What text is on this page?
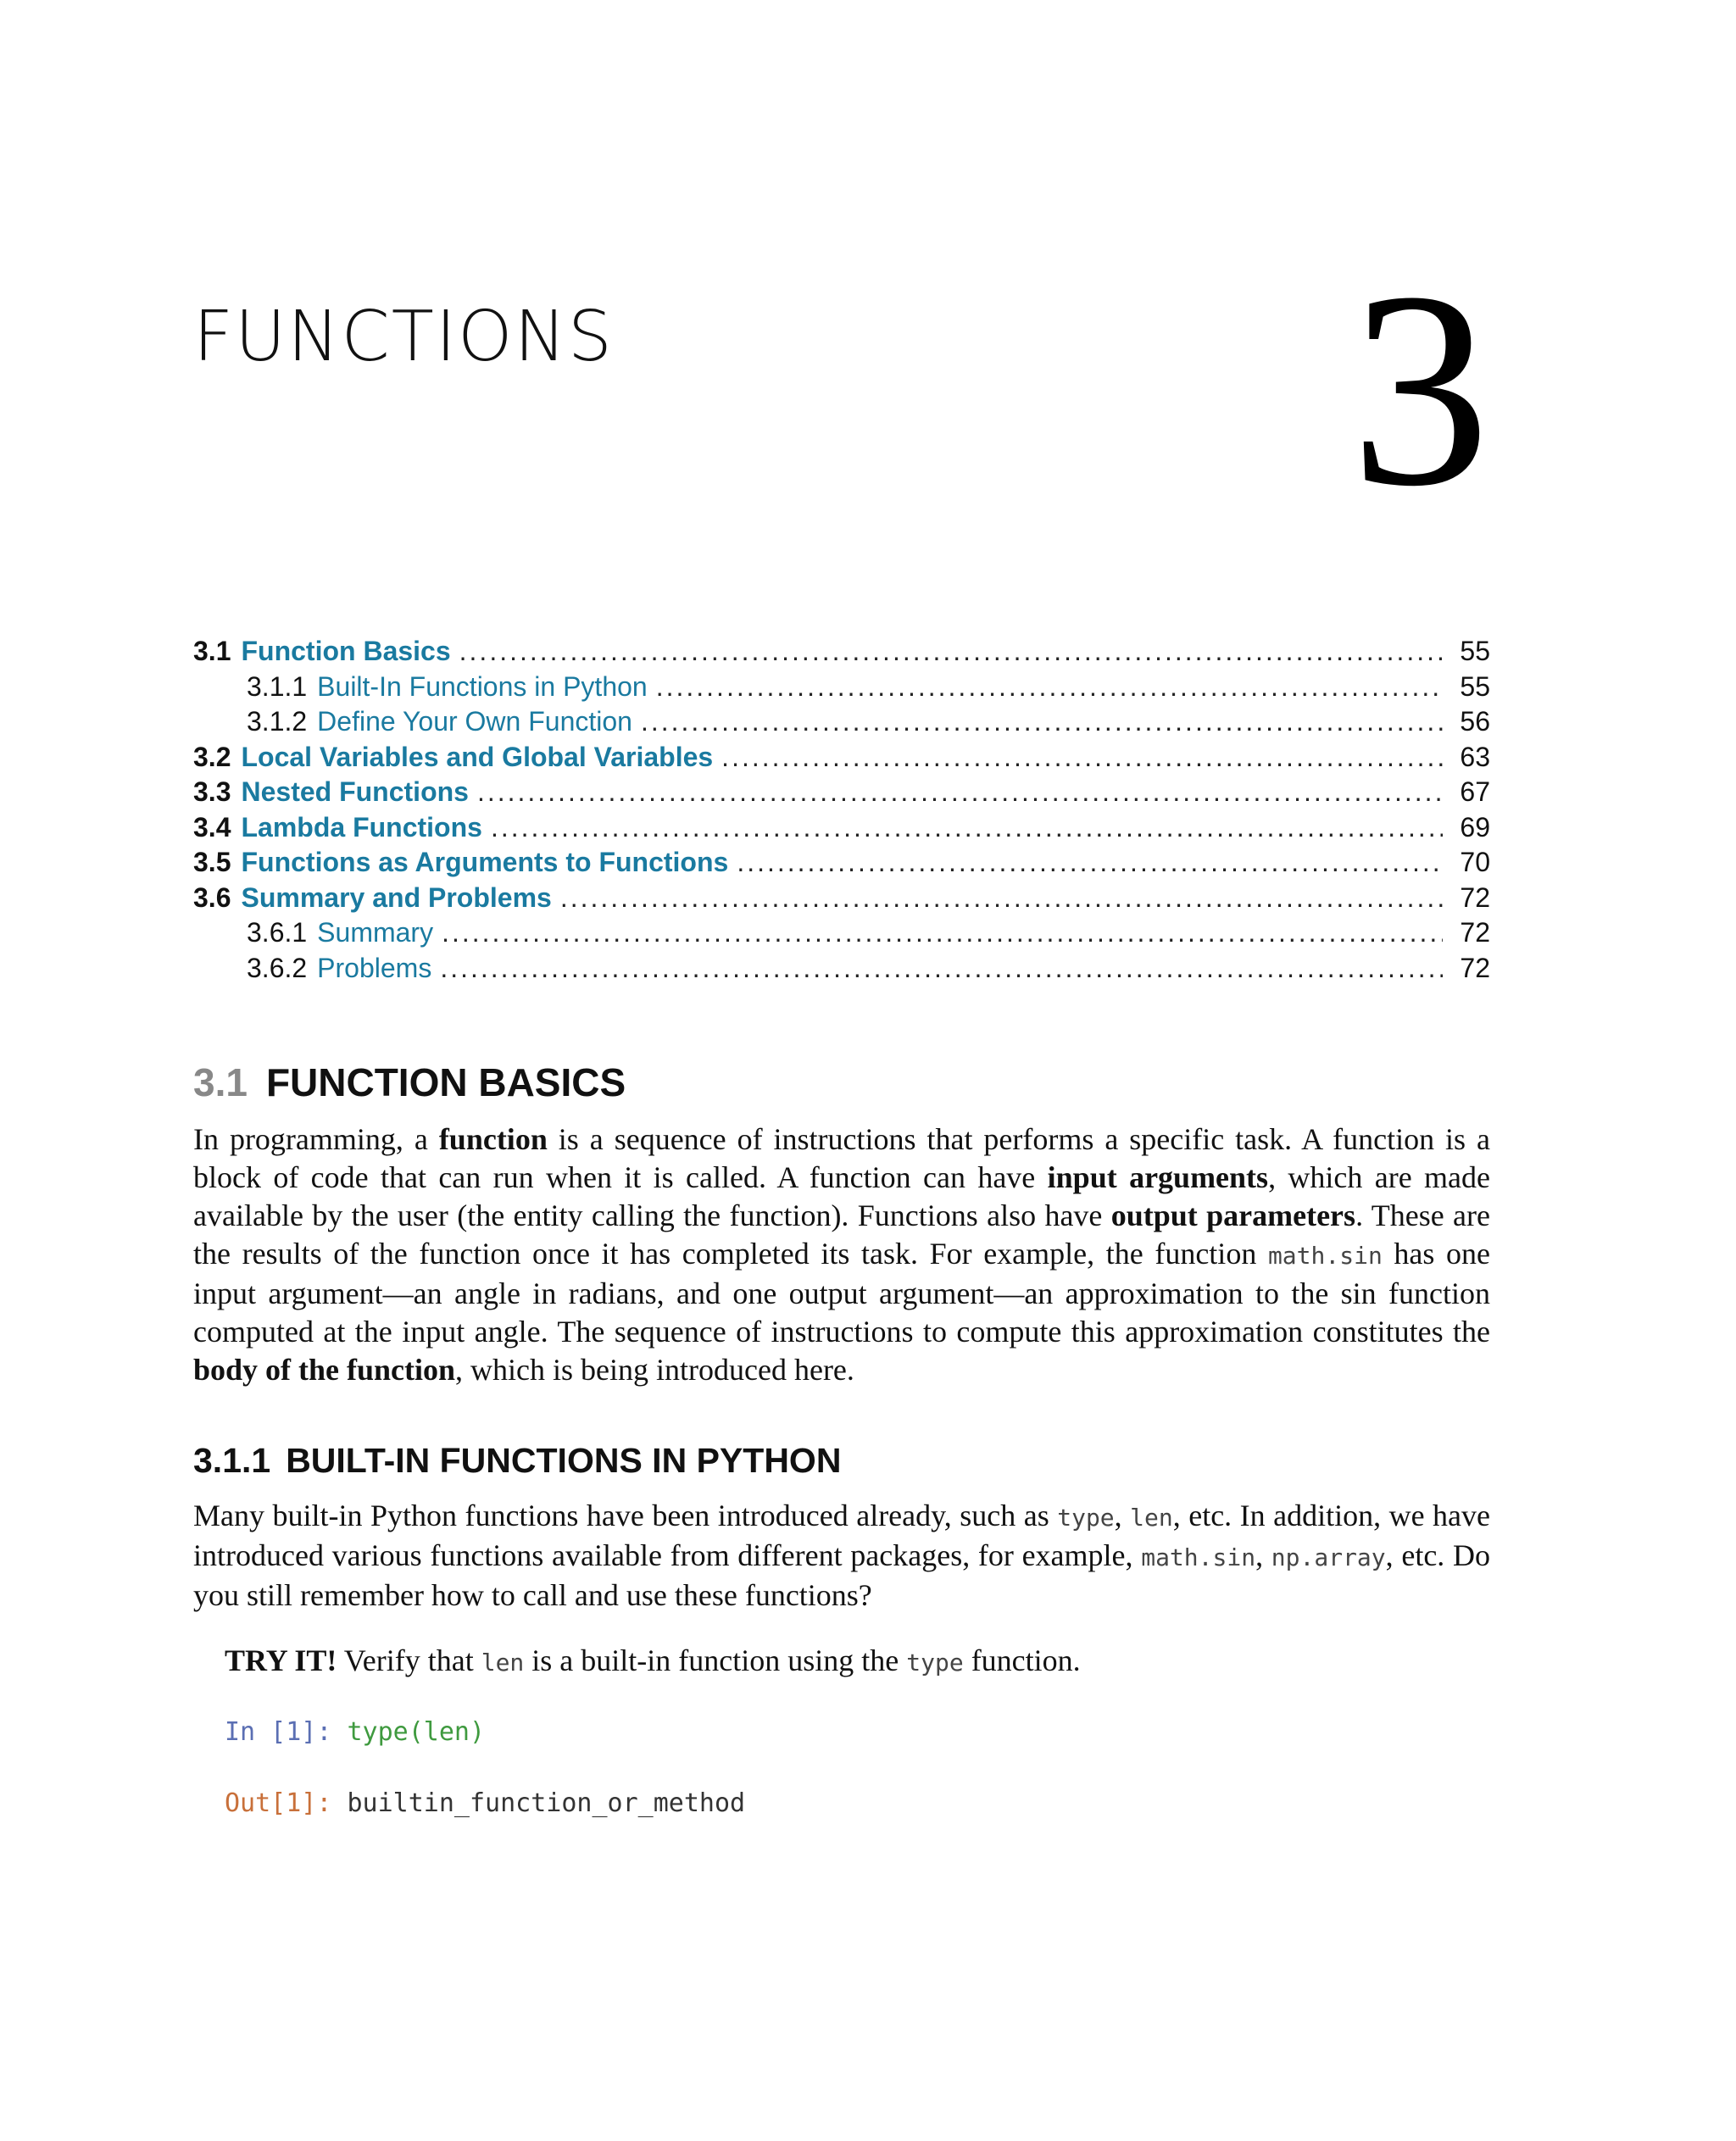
FUNCTIONS	3
3.1 Function Basics .....	55
3.1.1 Built-In Functions in Python .....	55
3.1.2 Define Your Own Function .....	56
3.2 Local Variables and Global Variables .....	63
3.3 Nested Functions .....	67
3.4 Lambda Functions .....	69
3.5 Functions as Arguments to Functions .....	70
3.6 Summary and Problems .....	72
3.6.1 Summary .....	72
3.6.2 Problems .....	72
3.1 FUNCTION BASICS
In programming, a function is a sequence of instructions that performs a specific task. A function is a block of code that can run when it is called. A function can have input arguments, which are made available by the user (the entity calling the function). Functions also have output parameters. These are the results of the function once it has completed its task. For example, the function math.sin has one input argument—an angle in radians, and one output argument—an approximation to the sin function computed at the input angle. The sequence of instructions to compute this approximation constitutes the body of the function, which is being introduced here.
3.1.1 BUILT-IN FUNCTIONS IN PYTHON
Many built-in Python functions have been introduced already, such as type, len, etc. In addition, we have introduced various functions available from different packages, for example, math.sin, np.array, etc. Do you still remember how to call and use these functions?
TRY IT! Verify that len is a built-in function using the type function.
In [1]: type(len)
Out[1]: builtin_function_or_method
